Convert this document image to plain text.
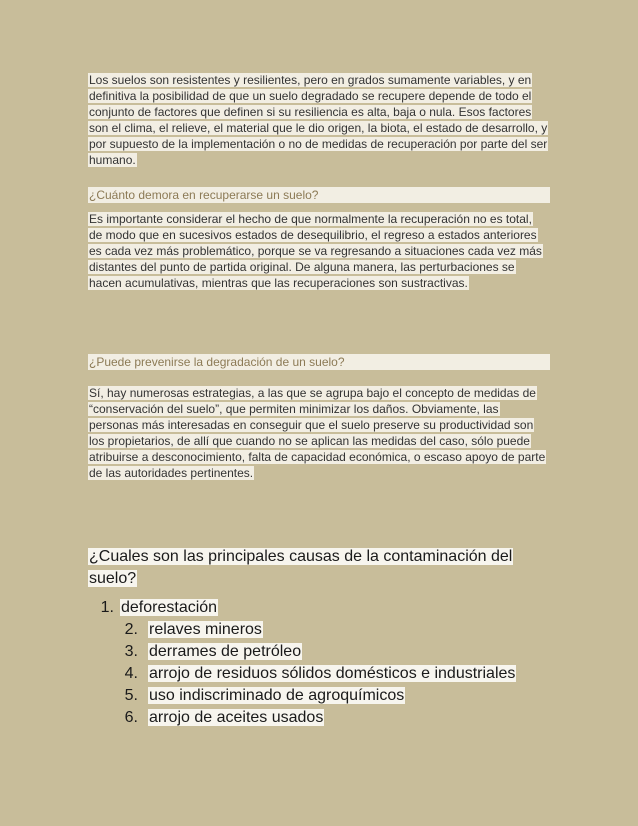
Los suelos son resistentes y resilientes, pero en grados sumamente variables, y en definitiva la posibilidad de que un suelo degradado se recupere depende de todo el conjunto de factores que definen si su resiliencia es alta, baja o nula. Esos factores son el clima, el relieve, el material que le dio origen, la biota, el estado de desarrollo, y por supuesto de la implementación o no de medidas de recuperación por parte del ser humano.

¿Cuánto demora en recuperarse un suelo?

Es importante considerar el hecho de que normalmente la recuperación no es total, de modo que en sucesivos estados de desequilibrio, el regreso a estados anteriores es cada vez más problemático, porque se va regresando a situaciones cada vez más distantes del punto de partida original. De alguna manera, las perturbaciones se hacen acumulativas, mientras que las recuperaciones son sustractivas.

¿Puede prevenirse la degradación de un suelo?

Sí, hay numerosas estrategias, a las que se agrupa bajo el concepto de medidas de “conservación del suelo”, que permiten minimizar los daños. Obviamente, las personas más interesadas en conseguir que el suelo preserve su productividad son los propietarios, de allí que cuando no se aplican las medidas del caso, sólo puede atribuirse a desconocimiento, falta de capacidad económica, o escaso apoyo de parte de las autoridades pertinentes.

¿Cuales son las principales causas de la contaminación del suelo?

1. deforestación
2. relaves mineros
3. derrames de petróleo
4. arrojo de residuos sólidos domésticos e industriales
5. uso indiscriminado de agroquímicos
6. arrojo de aceites usados
